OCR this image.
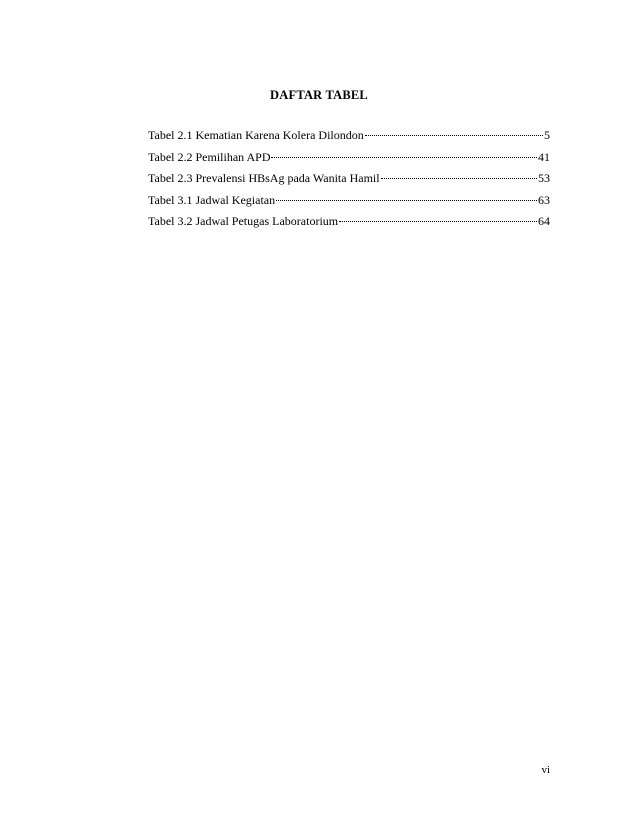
DAFTAR TABEL
Tabel 2.1 Kematian Karena Kolera Dilondon	5
Tabel 2.2 Pemilihan APD	41
Tabel 2.3 Prevalensi HBsAg pada Wanita Hamil	53
Tabel 3.1 Jadwal Kegiatan	63
Tabel 3.2 Jadwal Petugas Laboratorium	64
vi
